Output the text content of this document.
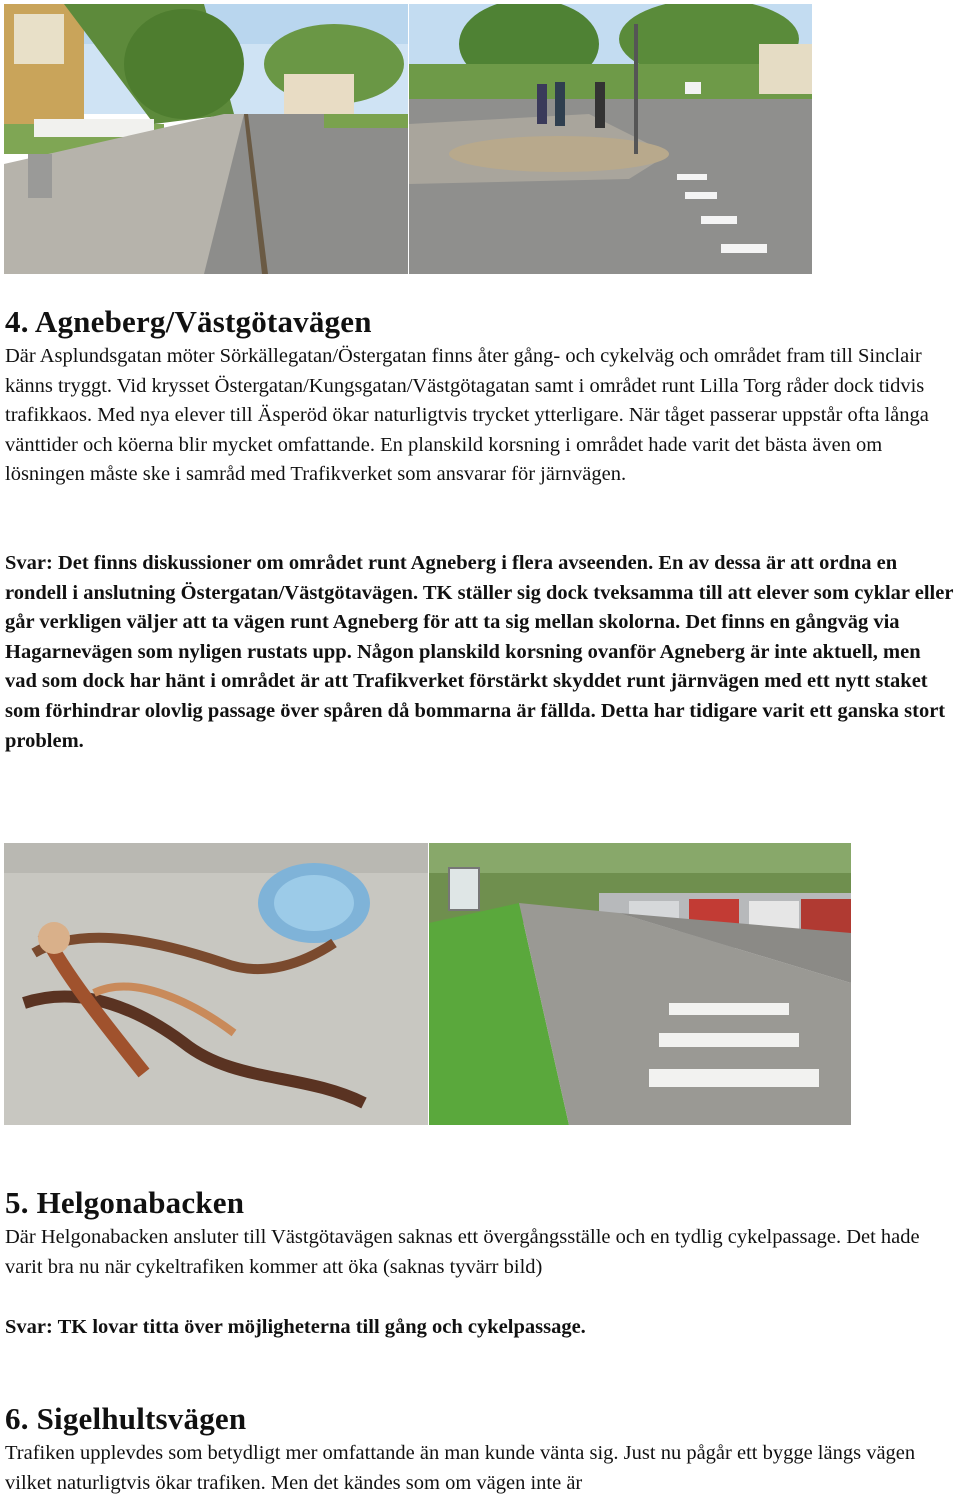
4. Agneberg/Västgötavägen

Där Asplundsgatan möter Sörkällegatan/Östergatan finns åter gång- och cykelväg och området fram till Sinclair känns tryggt. Vid krysset Östergatan/Kungsgatan/Västgötagatan samt i området runt Lilla Torg råder dock tidvis trafikkaos. Med nya elever till Äsperöd ökar naturligtvis trycket ytterligare. När tåget passerar uppstår ofta långa vänttider och köerna blir mycket omfattande. En planskild korsning i området hade varit det bästa även om lösningen måste ske i samråd med Trafikverket som ansvarar för järnvägen.

Svar: Det finns diskussioner om området runt Agneberg i flera avseenden. En av dessa är att ordna en rondell i anslutning Östergatan/Västgötavägen. TK ställer sig dock tveksamma till att elever som cyklar eller går verkligen väljer att ta vägen runt Agneberg för att ta sig mellan skolorna. Det finns en gångväg via Hagarnevägen som nyligen rustats upp. Någon planskild korsning ovanför Agneberg är inte aktuell, men vad som dock har hänt i området är att Trafikverket förstärkt skyddet runt järnvägen med ett nytt staket som förhindrar olovlig passage över spåren då bommarna är fällda. Detta har tidigare varit ett ganska stort problem.

5. Helgonabacken

Där Helgonabacken ansluter till Västgötavägen saknas ett övergångsställe och en tydlig cykelpassage. Det hade varit bra nu när cykeltrafiken kommer att öka (saknas tyvärr bild)

Svar: TK lovar titta över möjligheterna till gång och cykelpassage.

6. Sigelhultsvägen

Trafiken upplevdes som betydligt mer omfattande än man kunde vänta sig. Just nu pågår ett bygge längs vägen vilket naturligtvis ökar trafiken. Men det kändes som om vägen inte är
